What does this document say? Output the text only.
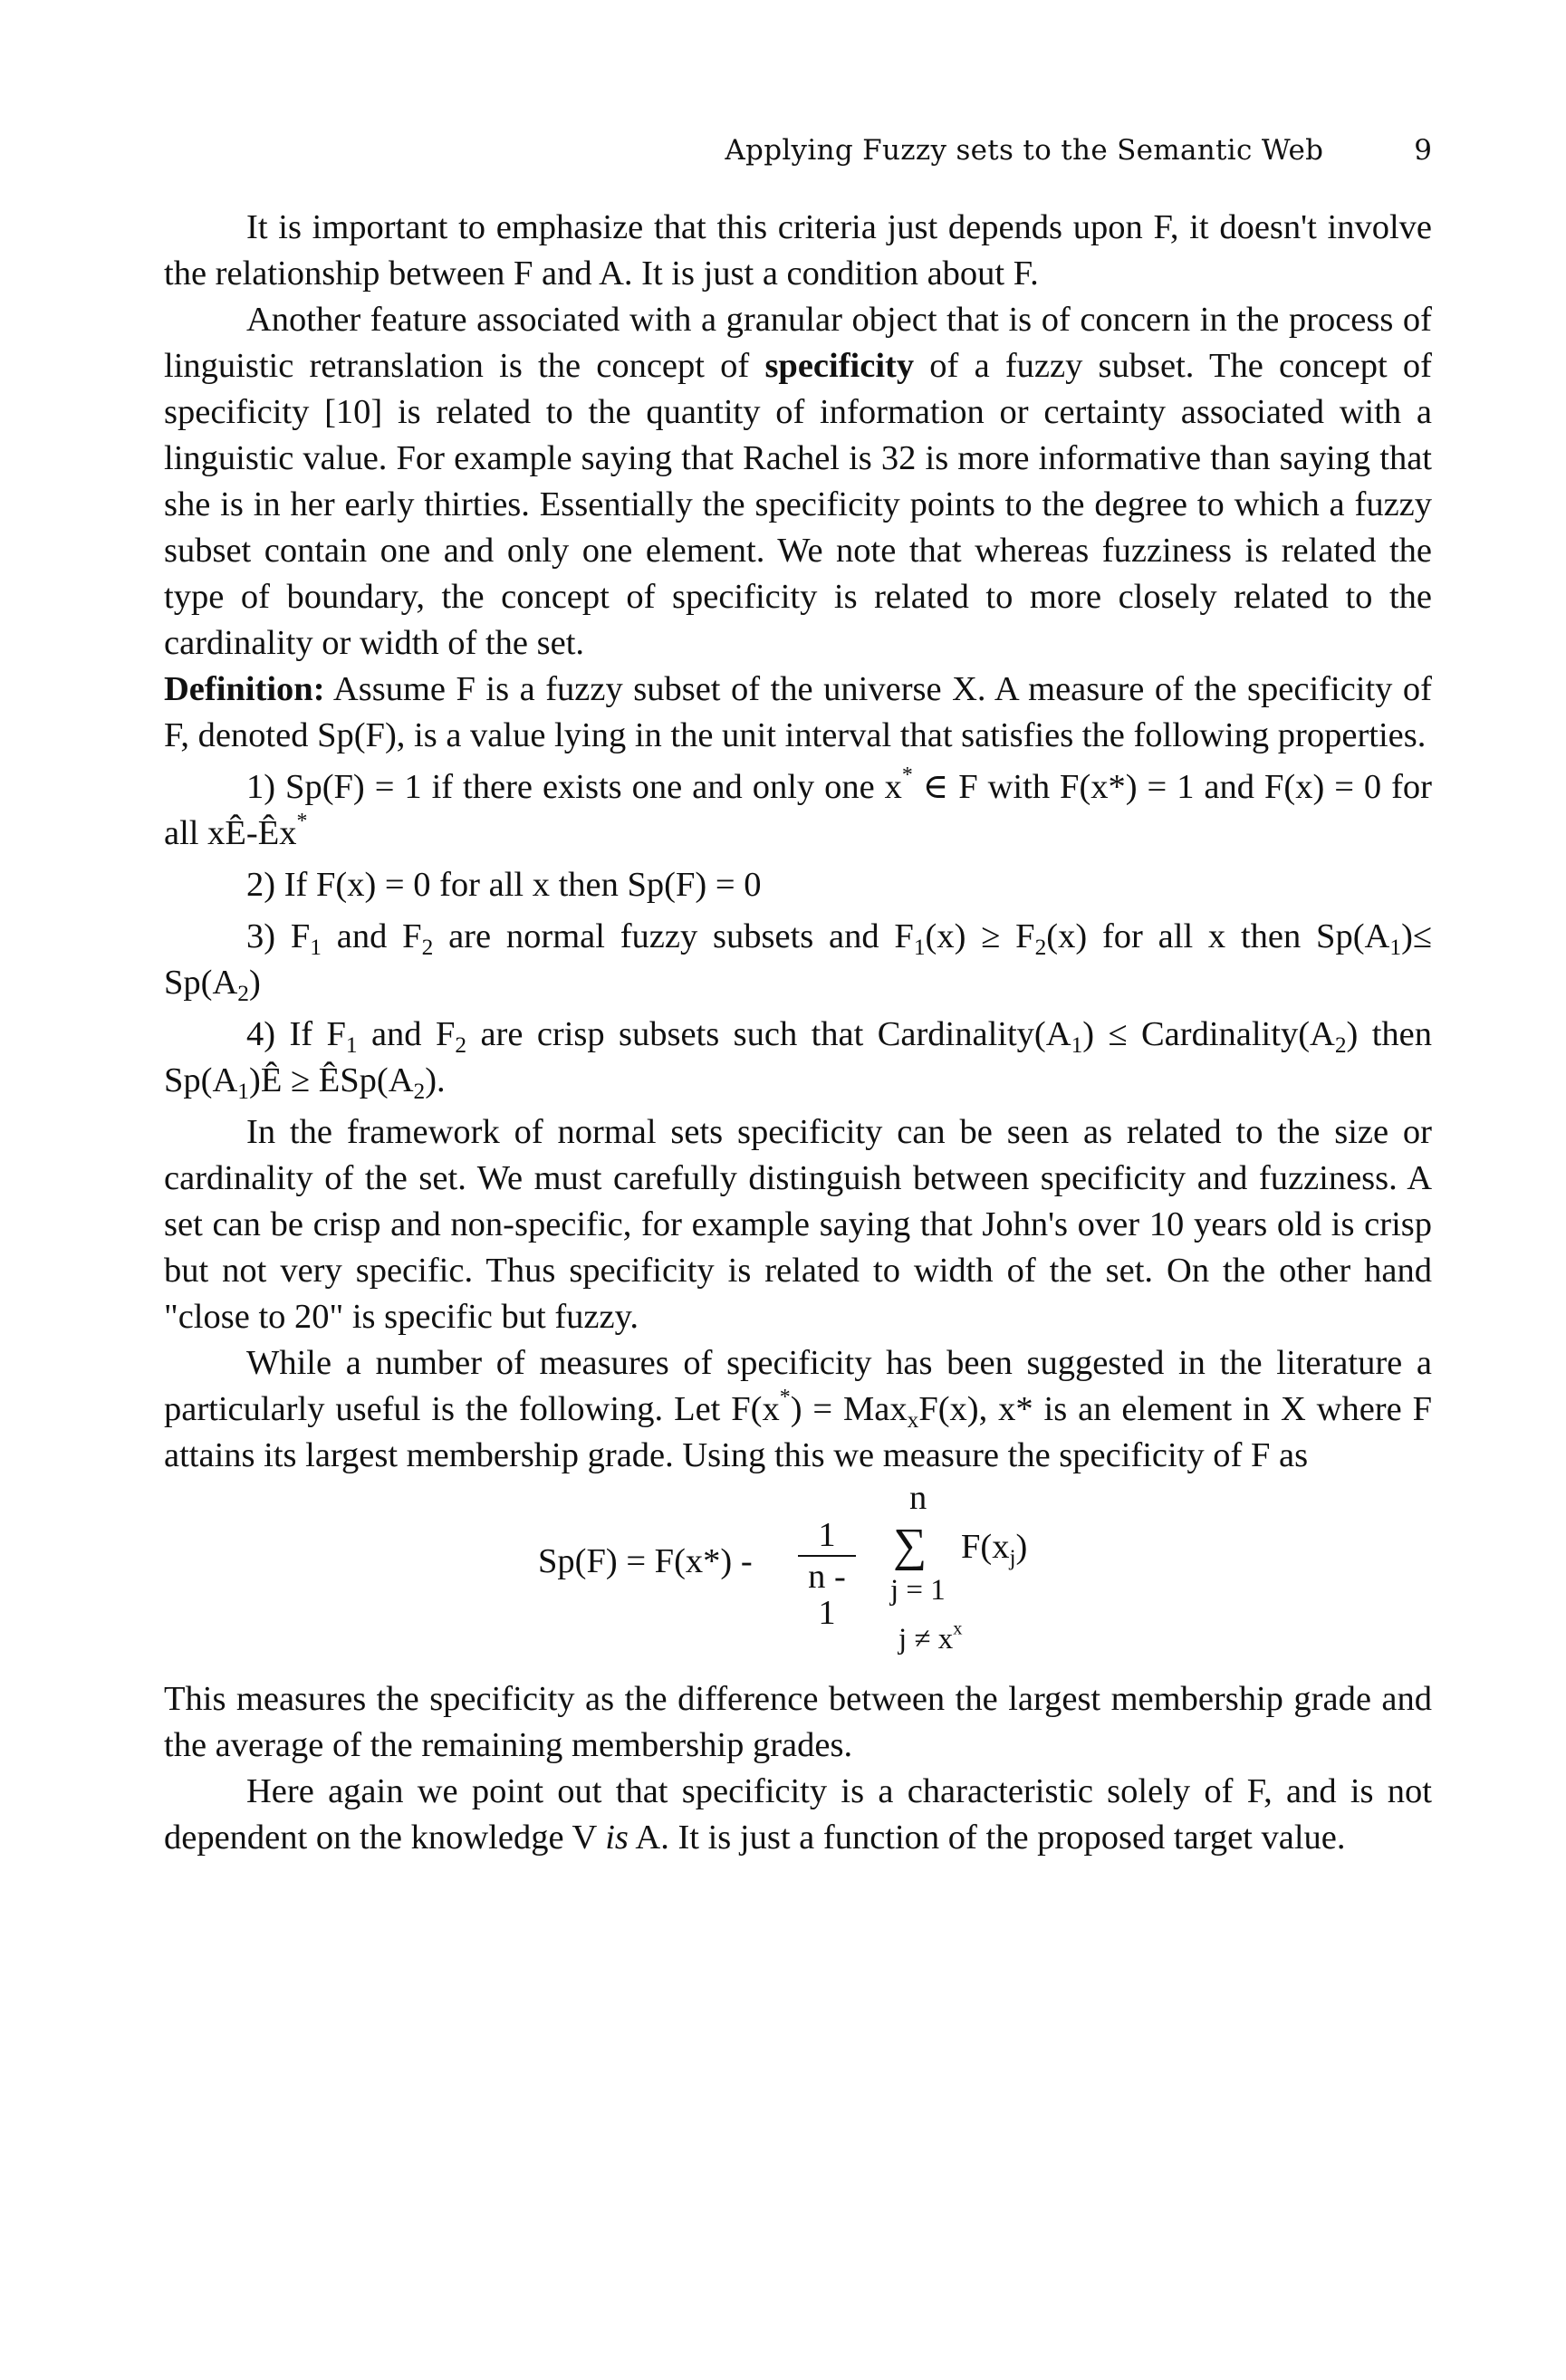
Applying Fuzzy sets to the Semantic Web	9

It is important to emphasize that this criteria just depends upon F, it doesn't involve the relationship between F and A. It is just a condition about F.

Another feature associated with a granular object that is of concern in the process of linguistic retranslation is the concept of specificity of a fuzzy subset. The concept of specificity [10] is related to the quantity of information or certainty associated with a linguistic value. For example saying that Rachel is 32 is more informative than saying that she is in her early thirties. Essentially the specificity points to the degree to which a fuzzy subset contain one and only one element. We note that whereas fuzziness is related the type of boundary, the concept of specificity is related to more closely related to the cardinality or width of the set.

Definition: Assume F is a fuzzy subset of the universe X. A measure of the specificity of F, denoted Sp(F), is a value lying in the unit interval that satisfies the following properties.

1) Sp(F) = 1 if there exists one and only one x* ∈ F with F(x*) = 1 and F(x) = 0 for all xÊ-Êx*

2) If F(x) = 0 for all x then Sp(F) = 0

3) $F_1$ and $F_2$ are normal fuzzy subsets and $F_1(x) \ge F_2(x)$ for all x then $Sp(A_1)\le Sp(A_2)$

4) If $F_1$ and $F_2$ are crisp subsets such that $Cardinality(A_1)$ ≤ $Cardinality(A_2)$ then $Sp(A_1)Ê$ ≥ $ÊSp(A_2)$.

In the framework of normal sets specificity can be seen as related to the size or cardinality of the set. We must carefully distinguish between specificity and fuzziness. A set can be crisp and non-specific, for example saying that John's over 10 years old is crisp but not very specific. Thus specificity is related to width of the set. On the other hand "close to 20" is specific but fuzzy.

While a number of measures of specificity has been suggested in the literature a particularly useful is the following. Let F(x*) = Max$_x$F(x), x* is an element in X where F attains its largest membership grade. Using this we measure the specificity of F as

Sp(F) = F(x*) -
1
n - 1
n
∑
j = 1
$j \ne x^x$
$F(x_j)$

This measures the specificity as the difference between the largest membership grade and the average of the remaining membership grades.

Here again we point out that specificity is a characteristic solely of F, and is not dependent on the knowledge V is A. It is just a function of the proposed target value.
